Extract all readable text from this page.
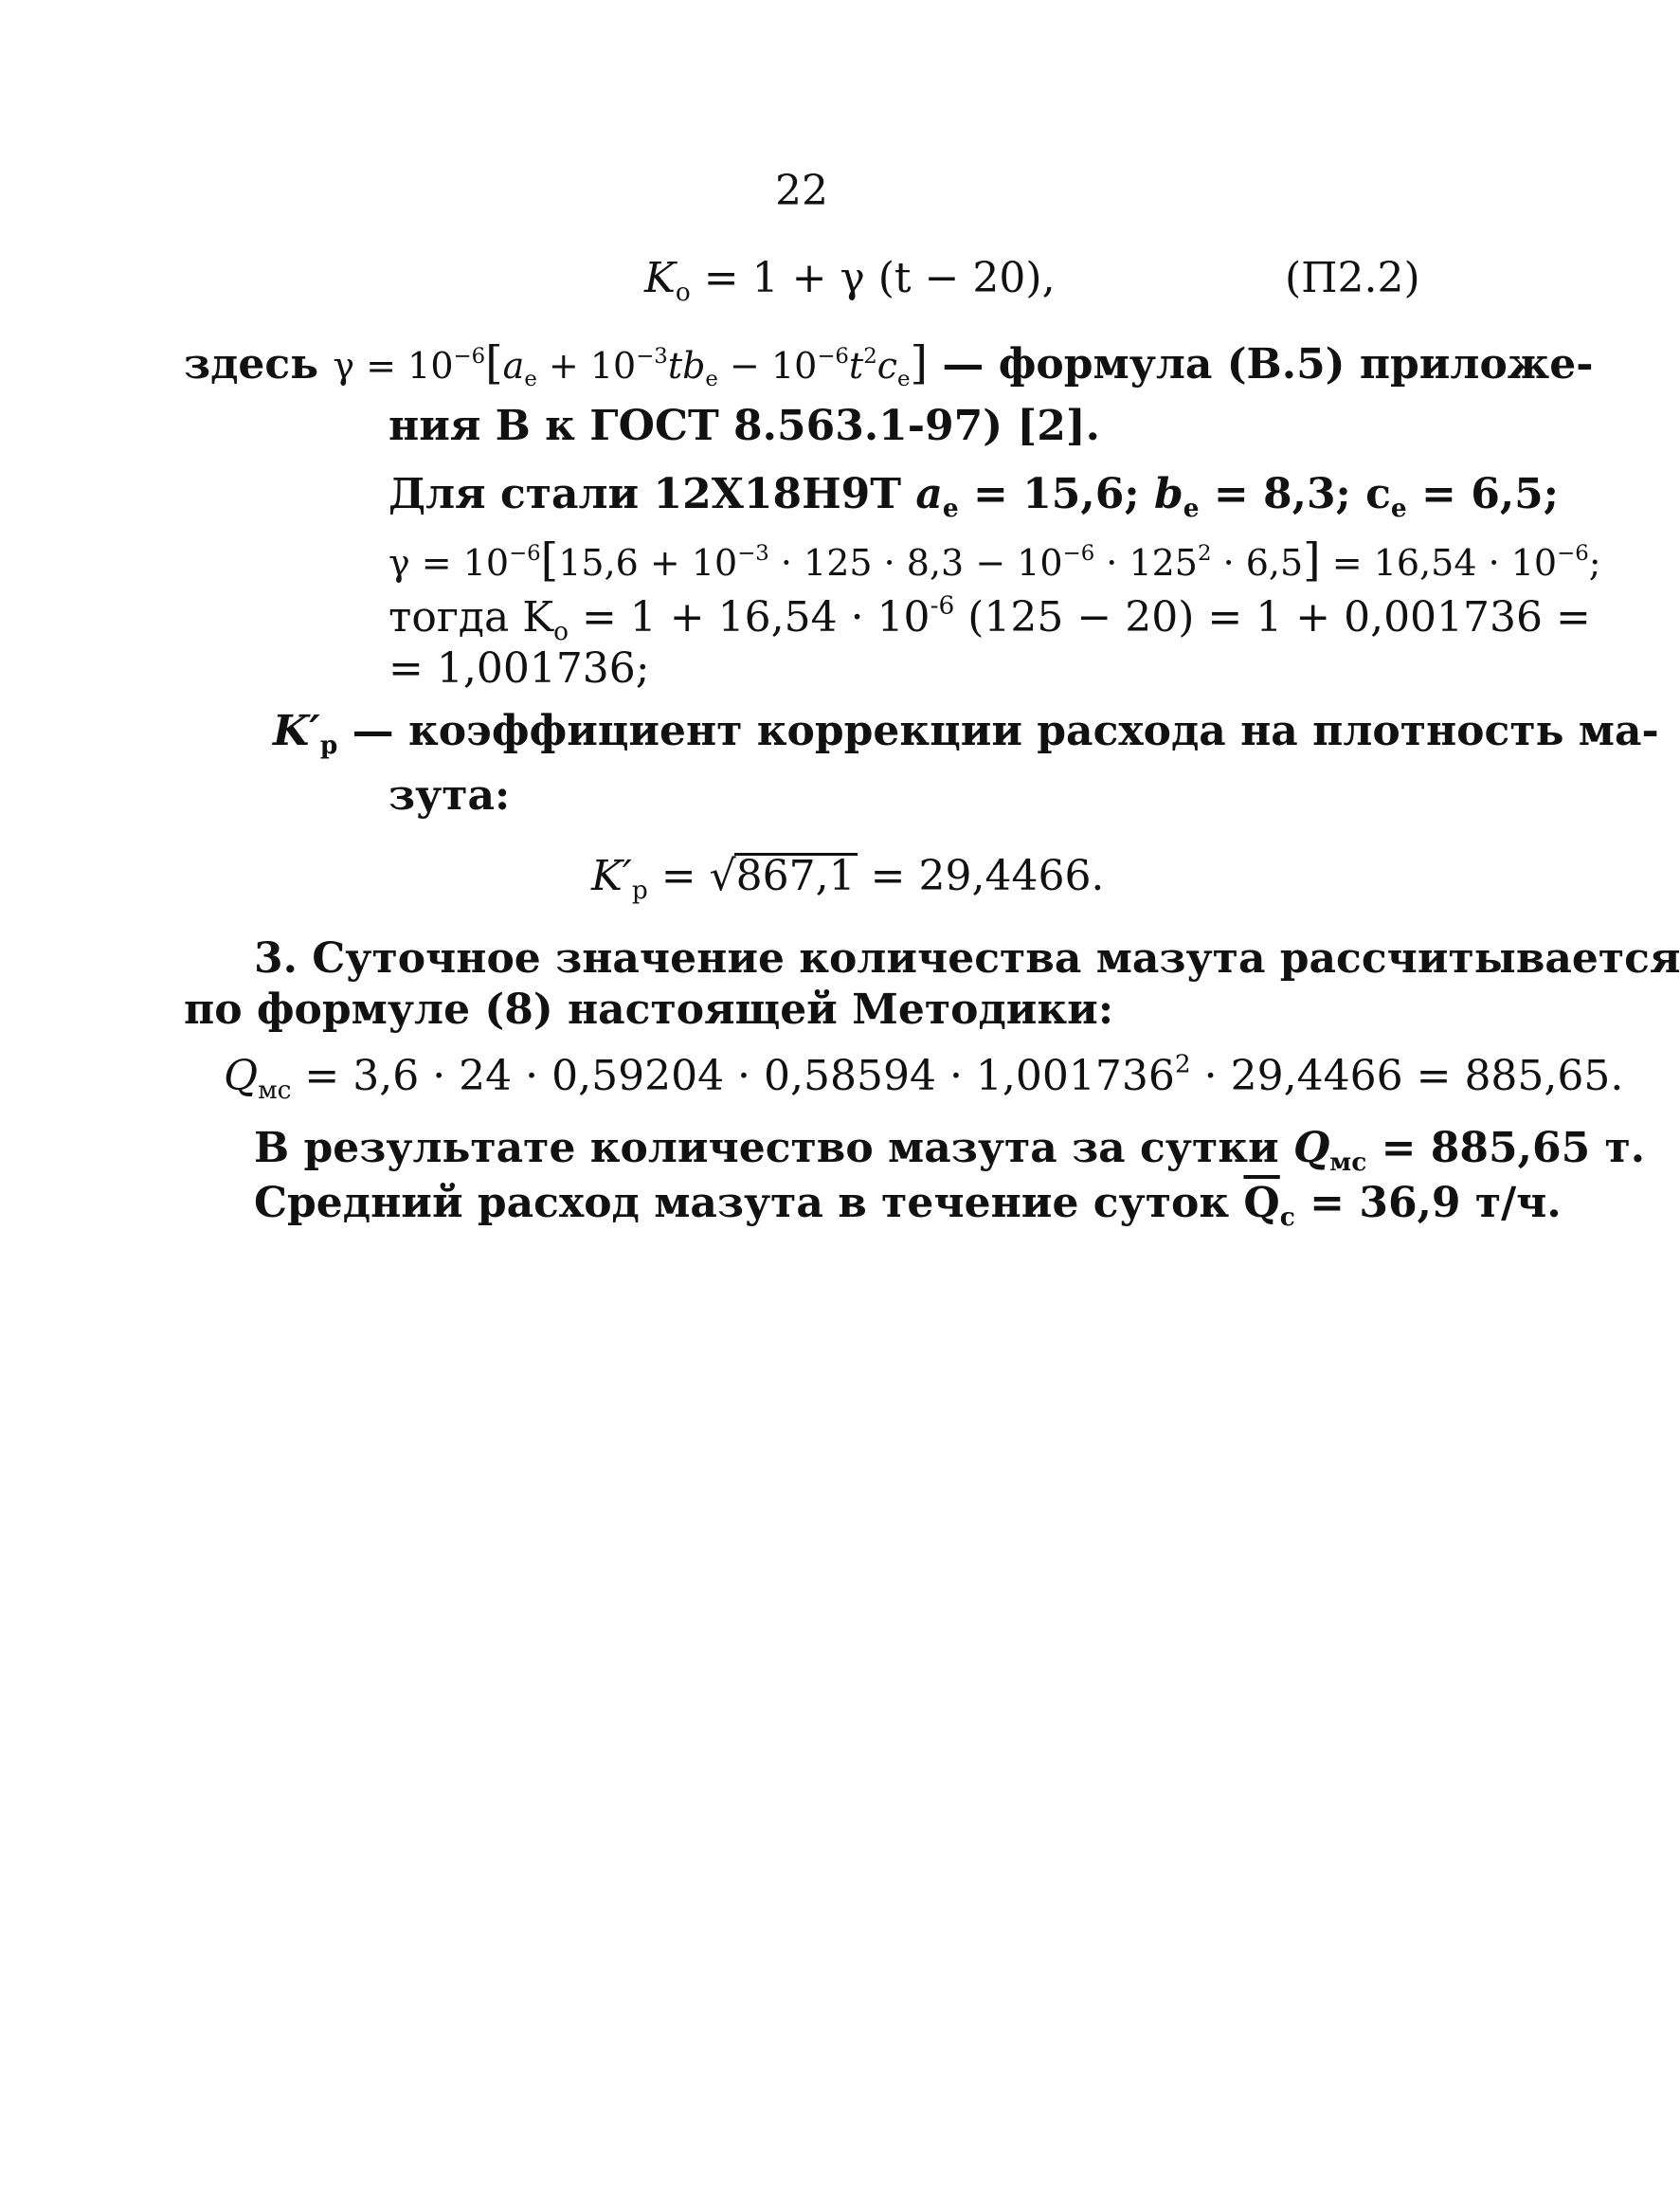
22
$K_о = 1 + \gamma$ (t − 20),	(П2.2)
здесь $\gamma = 10^{-6}[a_e + 10^{-3}tb_e - 10^{-6}t^2c_e]$ — формула (В.5) приложе-
ния В к ГОСТ 8.563.1-97) [2].
Для стали 12Х18Н9Т $a_e = 15,6$; $b_e = 8,3$; $c_e = 6,5$;
$\gamma = 10^{-6}[15,6 + 10^{-3} \cdot 125 \cdot 8,3 - 10^{-6} \cdot 125^2 \cdot 6,5] = 16,54 \cdot 10^{-6}$;
тогда $K_о = 1 + 16,54 \cdot 10^{-6}$ (125 − 20) = 1 + 0,001736 =
= 1,001736;
$K'_р$ — коэффициент коррекции расхода на плотность ма-
зута:
$K'_р = √867,1 = 29,4466$.
3. Суточное значение количества мазута рассчитывается
по формуле (8) настоящей Методики:
$Q_{мс} = 3,6 \cdot 24 \cdot 0,59204 \cdot 0,58594 \cdot 1,001736^2 \cdot 29,4466 = 885,65$.
В результате количество мазута за сутки $Q_{мс} = 885,65$ т.
Средний расход мазута в течение суток $\overline{Q}_с = 36,9$ т/ч.
